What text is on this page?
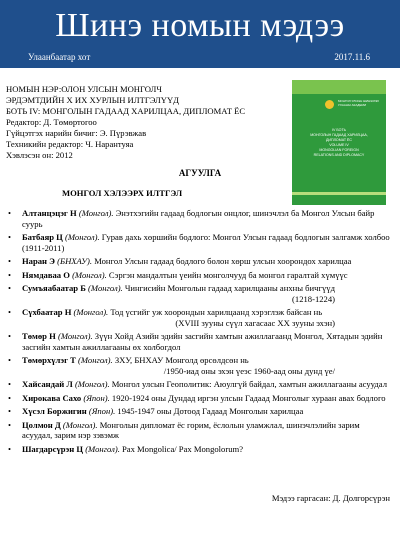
Шинэ номын мэдээ
Улаанбаатар хот	2017.11.6
НОМЫН НЭР:ОЛОН УЛСЫН МОНГОЛЧ
ЭРДЭМТДИЙН Х ИХ ХУРЛЫН ИЛТГЭЛҮҮД
БОТЬ IV: МОНГОЛЫН ГАДААД ХАРИЛЦАА, ДИПЛОМАТ ЁС
Редактор: Д. Төмөртогоо
Гүйцэтгэх нарийн бичиг: Э. Пүрэвжав
Техникийн редактор: Ч. Нарантуяа
Хэвлэсэн он: 2012
МОНГОЛ УЛСЫН ШИНЖЛЭХ УХААНЫ АКАДЕМИ
IV БОТЬ
МОНГОЛЫН ГАДААД ХАРИЛЦАА,
ДИПЛОМАТ ЁС
VOLUME IV
MONGOLIAN FOREIGN
RELATIONS AND DIPLOMACY
АГУУЛГА
МОНГОЛ ХЭЛЭЭРХ ИЛТГЭЛ
• Алтанцэцэг Н (Монгол). Энэтхэгийн гадаад бодлогын онцлог, шинэчлэл ба Монгол Улсын байр суурь
• Батбаяр Ц (Монгол). Гурав дахь хөршийн бодлого: Монгол Улсын гадаад бодлогын залгамж холбоо (1911-2011)
• Наран Э (БНХАУ). Монгол Улсын гадаад бодлого болон хөрш улсын хоорондох харилцаа
• Нямдаваа О (Монгол). Сэргэн мандалтын үеийн монголчууд ба монгол гаралтай хүмүүс
• Сумъяабаатар Б (Монгол). Чингисийн Монголын гадаад харилцааны анхны бичгүүд
(1218-1224)
• Сүхбаатар Н (Монгол). Тод үсгийг уж хоорондын харилцаанд хэрэглэж байсан нь
(XVIII зууны сүүл хагасаас XX зууны эхэн)
• Төмөр Н (Монгол). Зүүн Хойд Азийн эдийн засгийн хамтын ажиллагаанд Монгол, Хятадын эдийн засгийн хамтын ажиллагааны өх холбогдол
• Төмөрхүлэг Т (Монгол). ЗХУ, БНХАУ Монголд өрсөлдсөн нь
/1950-иад оны эхэн үеэс 1960-аад оны дунд үе/
• Хайсандай Л (Монгол). Монгол улсын Геополитик: Аюулгүй байдал, хамтын ажиллагааны асуудал
• Хирокава Сахо (Япон). 1920-1924 оны Дундад иргэн улсын Гадаад Монголыг хураан авах бодлого
• Хүсэл Боржигин (Япон). 1945-1947 оны Дотоод Гадаад Монголын харилцаа
• Цолмон Д (Монгол). Монголын дипломат ёс горим, ёслолын уламжлал, шинэчлэлийн зарим асуудал, зарим нэр зэвэмж
• Шагдарсүрэн Ц (Монгол). Pax Mongolica/ Pax Mongolorum?
Мэдээ гаргасан: Д. Долгорсүрэн
